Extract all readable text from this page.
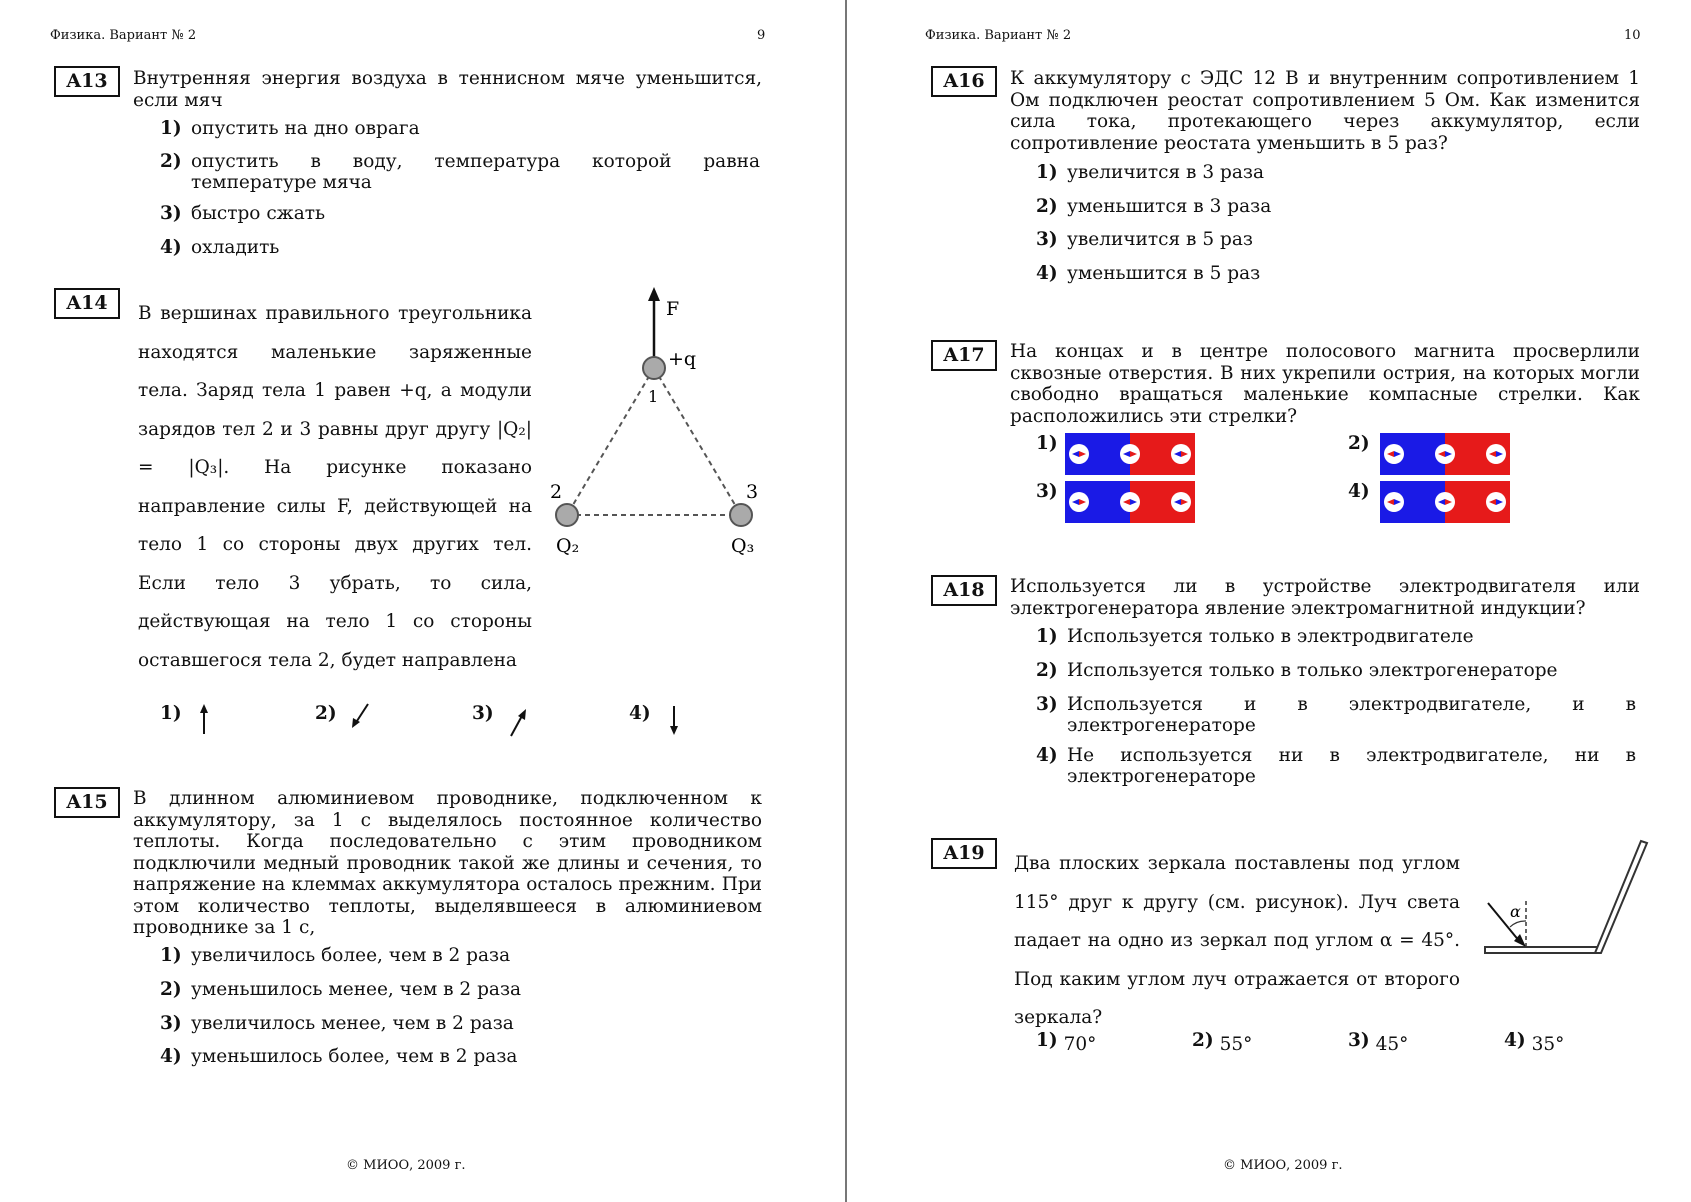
Физика. Вариант № 2	9
A13	Внутренняя энергия воздуха в теннисном мяче уменьшится, если мяч
1) опустить на дно оврага
2) опустить в воду, температура которой равна температуре мяча
3) быстро сжать
4) охладить
A14	В вершинах правильного треугольника находятся маленькие заряженные тела. Заряд тела 1 равен +q, а модули зарядов тел 2 и 3 равны друг другу |Q₂| = |Q₃|. На рисунке показано направление силы F, действующей на тело 1 со стороны двух других тел. Если тело 3 убрать, то сила, действующая на тело 1 со стороны оставшегося тела 2, будет направлена
F
+q
1
2	3
Q₂	Q₃
1)	2)	3)	4)
A15	В длинном алюминиевом проводнике, подключенном к аккумулятору, за 1 с выделялось постоянное количество теплоты. Когда последовательно с этим проводником подключили медный проводник такой же длины и сечения, то напряжение на клеммах аккумулятора осталось прежним. При этом количество теплоты, выделявшееся в алюминиевом проводнике за 1 с,
1) увеличилось более, чем в 2 раза
2) уменьшилось менее, чем в 2 раза
3) увеличилось менее, чем в 2 раза
4) уменьшилось более, чем в 2 раза
© МИОО, 2009 г.
Физика. Вариант № 2	10
A16	К аккумулятору с ЭДС 12 В и внутренним сопротивлением 1 Ом подключен реостат сопротивлением 5 Ом. Как изменится сила тока, протекающего через аккумулятор, если сопротивление реостата уменьшить в 5 раз?
1) увеличится в 3 раза
2) уменьшится в 3 раза
3) увеличится в 5 раз
4) уменьшится в 5 раз
A17	На концах и в центре полосового магнита просверлили сквозные отверстия. В них укрепили острия, на которых могли свободно вращаться маленькие компасные стрелки. Как расположились эти стрелки?
1)	2)
3)	4)
A18	Используется ли в устройстве электродвигателя или электрогенератора явление электромагнитной индукции?
1) Используется только в электродвигателе
2) Используется только в только электрогенераторе
3) Используется и в электродвигателе, и в электрогенераторе
4) Не используется ни в электродвигателе, ни в электрогенераторе
A19	Два плоских зеркала поставлены под углом 115° друг к другу (см. рисунок). Луч света падает на одно из зеркал под углом α = 45°. Под каким углом луч отражается от второго зеркала?
α
1) 70°	2) 55°	3) 45°	4) 35°
© МИОО, 2009 г.
